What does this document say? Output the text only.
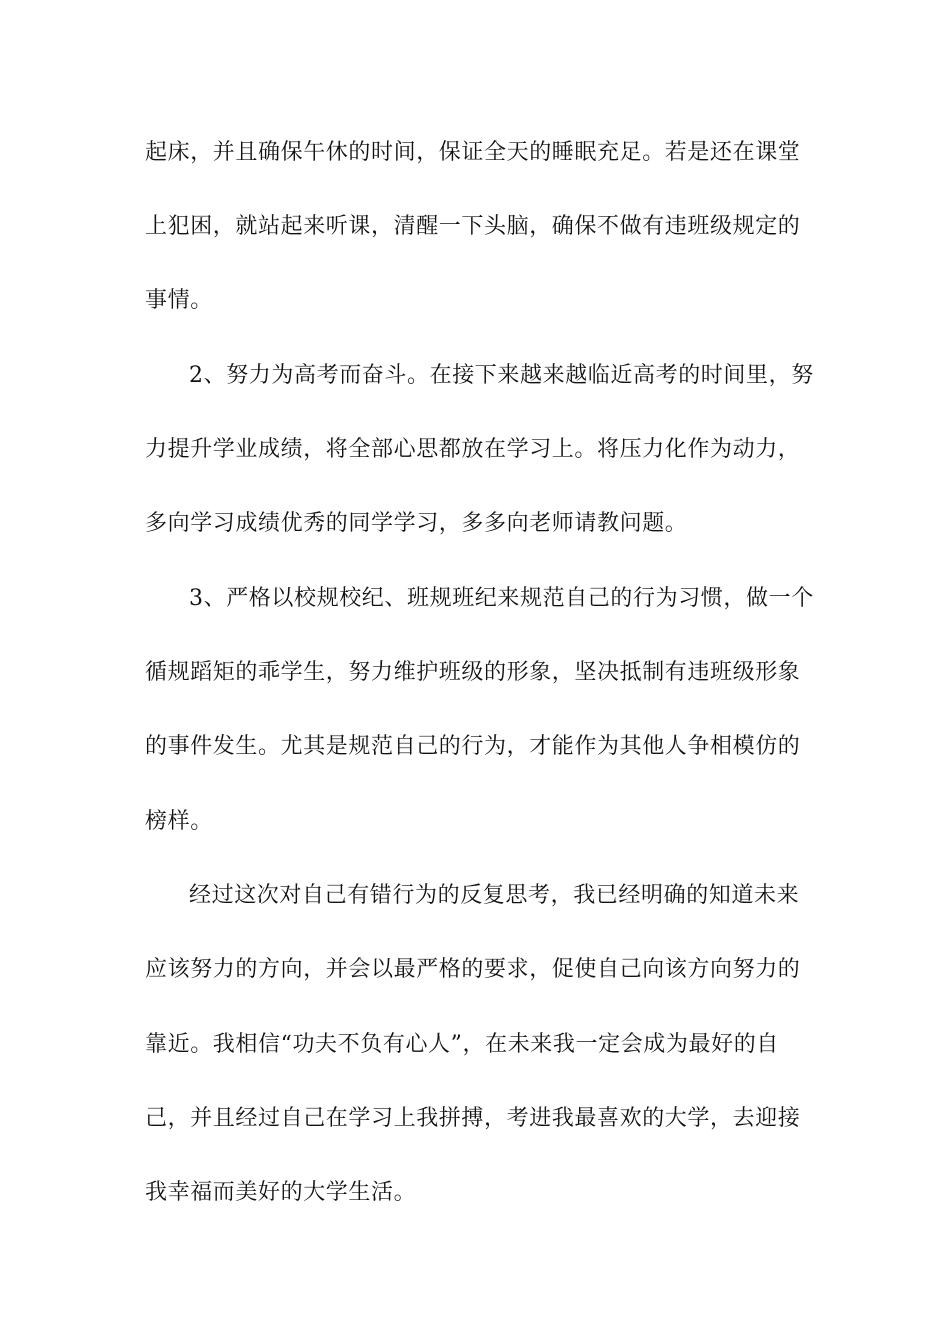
起床，并且确保午休的时间，保证全天的睡眠充足。若是还在课堂
上犯困，就站起来听课，清醒一下头脑，确保不做有违班级规定的
事情。
2、努力为高考而奋斗。在接下来越来越临近高考的时间里，努
力提升学业成绩，将全部心思都放在学习上。将压力化作为动力，
多向学习成绩优秀的同学学习，多多向老师请教问题。
3、严格以校规校纪、班规班纪来规范自己的行为习惯，做一个
循规蹈矩的乖学生，努力维护班级的形象，坚决抵制有违班级形象
的事件发生。尤其是规范自己的行为，才能作为其他人争相模仿的
榜样。
经过这次对自己有错行为的反复思考，我已经明确的知道未来
应该努力的方向，并会以最严格的要求，促使自己向该方向努力的
靠近。我相信“功夫不负有心人”，在未来我一定会成为最好的自
己，并且经过自己在学习上我拼搏，考进我最喜欢的大学，去迎接
我幸福而美好的大学生活。
